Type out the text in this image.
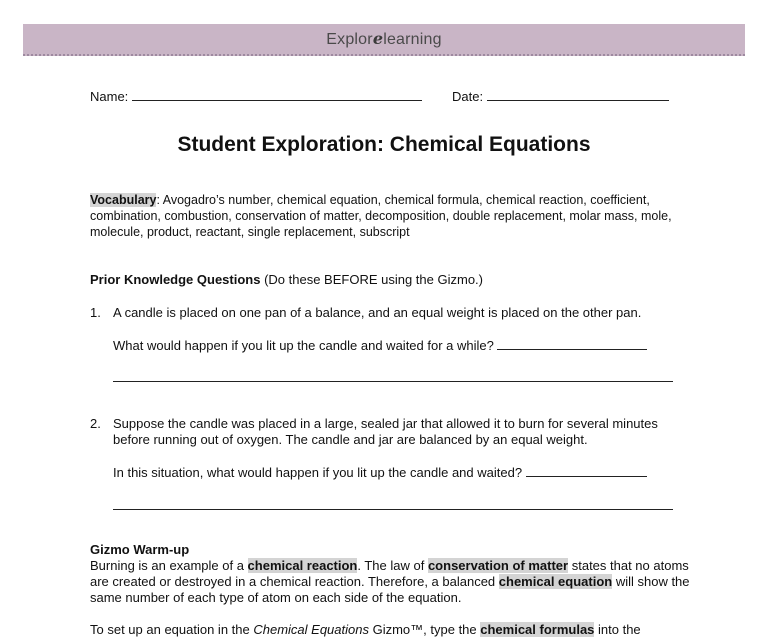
Explorelearning
Name:	Date:
Student Exploration: Chemical Equations
Vocabulary: Avogadro’s number, chemical equation, chemical formula, chemical reaction, coefficient, combination, combustion, conservation of matter, decomposition, double replacement, molar mass, mole, molecule, product, reactant, single replacement, subscript
Prior Knowledge Questions (Do these BEFORE using the Gizmo.)
1. A candle is placed on one pan of a balance, and an equal weight is placed on the other pan.
What would happen if you lit up the candle and waited for a while?
2. Suppose the candle was placed in a large, sealed jar that allowed it to burn for several minutes before running out of oxygen. The candle and jar are balanced by an equal weight.
In this situation, what would happen if you lit up the candle and waited?
Gizmo Warm-up
Burning is an example of a chemical reaction. The law of conservation of matter states that no atoms are created or destroyed in a chemical reaction. Therefore, a balanced chemical equation will show the same number of each type of atom on each side of the equation.
To set up an equation in the Chemical Equations Gizmo™, type the chemical formulas into the
